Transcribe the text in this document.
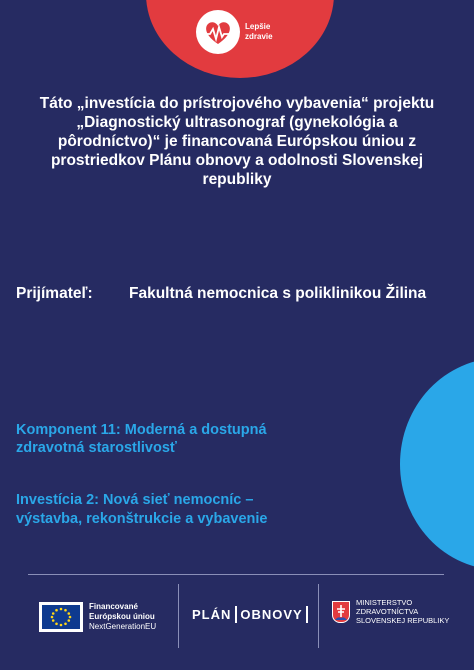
Lepšie
zdravie
Táto „investícia do prístrojového vybavenia“ projektu
„Diagnostický ultrasonograf (gynekológia a
pôrodníctvo)“ je financovaná Európskou úniou z
prostriedkov Plánu obnovy a odolnosti Slovenskej
republiky
Prijímateľ:	Fakultná nemocnica s poliklinikou Žilina
Komponent 11: Moderná a dostupná
zdravotná starostlivosť
Investícia 2: Nová sieť nemocníc –
výstavba, rekonštrukcie a vybavenie
Financované
Európskou úniou
NextGenerationEU
PLÁN OBNOVY
MINISTERSTVO
ZDRAVOTNÍCTVA
SLOVENSKEJ REPUBLIKY
